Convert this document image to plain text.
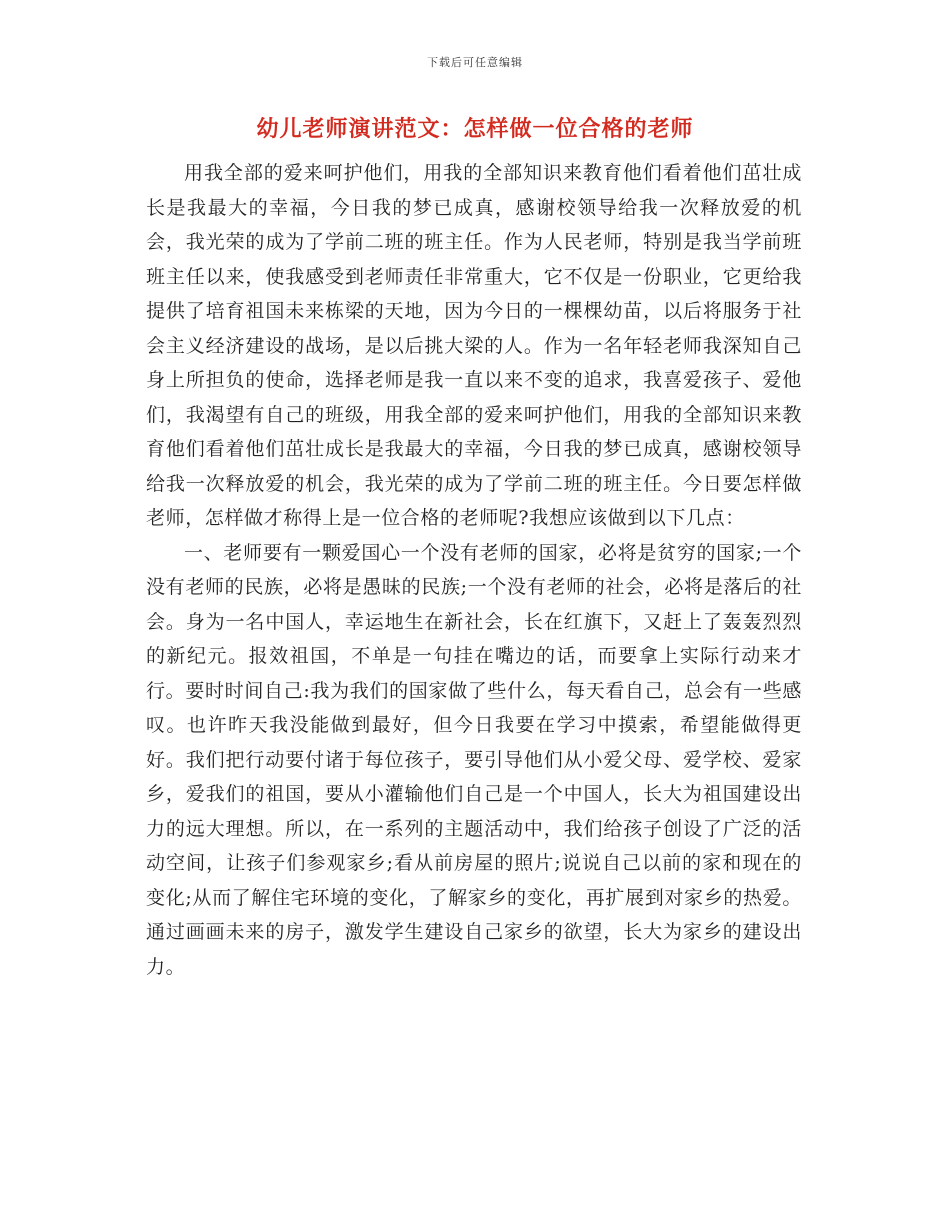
下载后可任意编辑
幼儿老师演讲范文：怎样做一位合格的老师

用我全部的爱来呵护他们，用我的全部知识来教育他们看着他们茁壮成长是我最大的幸福，今日我的梦已成真，感谢校领导给我一次释放爱的机会，我光荣的成为了学前二班的班主任。作为人民老师，特别是我当学前班班主任以来，使我感受到老师责任非常重大，它不仅是一份职业，它更给我提供了培育祖国未来栋梁的天地，因为今日的一棵棵幼苗，以后将服务于社会主义经济建设的战场，是以后挑大梁的人。作为一名年轻老师我深知自己身上所担负的使命，选择老师是我一直以来不变的追求，我喜爱孩子、爱他们，我渴望有自己的班级，用我全部的爱来呵护他们，用我的全部知识来教育他们看着他们茁壮成长是我最大的幸福，今日我的梦已成真，感谢校领导给我一次释放爱的机会，我光荣的成为了学前二班的班主任。今日要怎样做老师，怎样做才称得上是一位合格的老师呢?我想应该做到以下几点：

一、老师要有一颗爱国心一个没有老师的国家，必将是贫穷的国家;一个没有老师的民族，必将是愚昧的民族;一个没有老师的社会，必将是落后的社会。身为一名中国人，幸运地生在新社会，长在红旗下，又赶上了轰轰烈烈的新纪元。报效祖国，不单是一句挂在嘴边的话，而要拿上实际行动来才行。要时时间自己:我为我们的国家做了些什么，每天看自己，总会有一些感叹。也许昨天我没能做到最好，但今日我要在学习中摸索，希望能做得更好。我们把行动要付诸于每位孩子，要引导他们从小爱父母、爱学校、爱家乡，爱我们的祖国，要从小灌输他们自己是一个中国人，长大为祖国建设出力的远大理想。所以，在一系列的主题活动中，我们给孩子创设了广泛的活动空间，让孩子们参观家乡;看从前房屋的照片;说说自己以前的家和现在的变化;从而了解住宅环境的变化，了解家乡的变化，再扩展到对家乡的热爱。通过画画未来的房子，激发学生建设自己家乡的欲望，长大为家乡的建设出力。
